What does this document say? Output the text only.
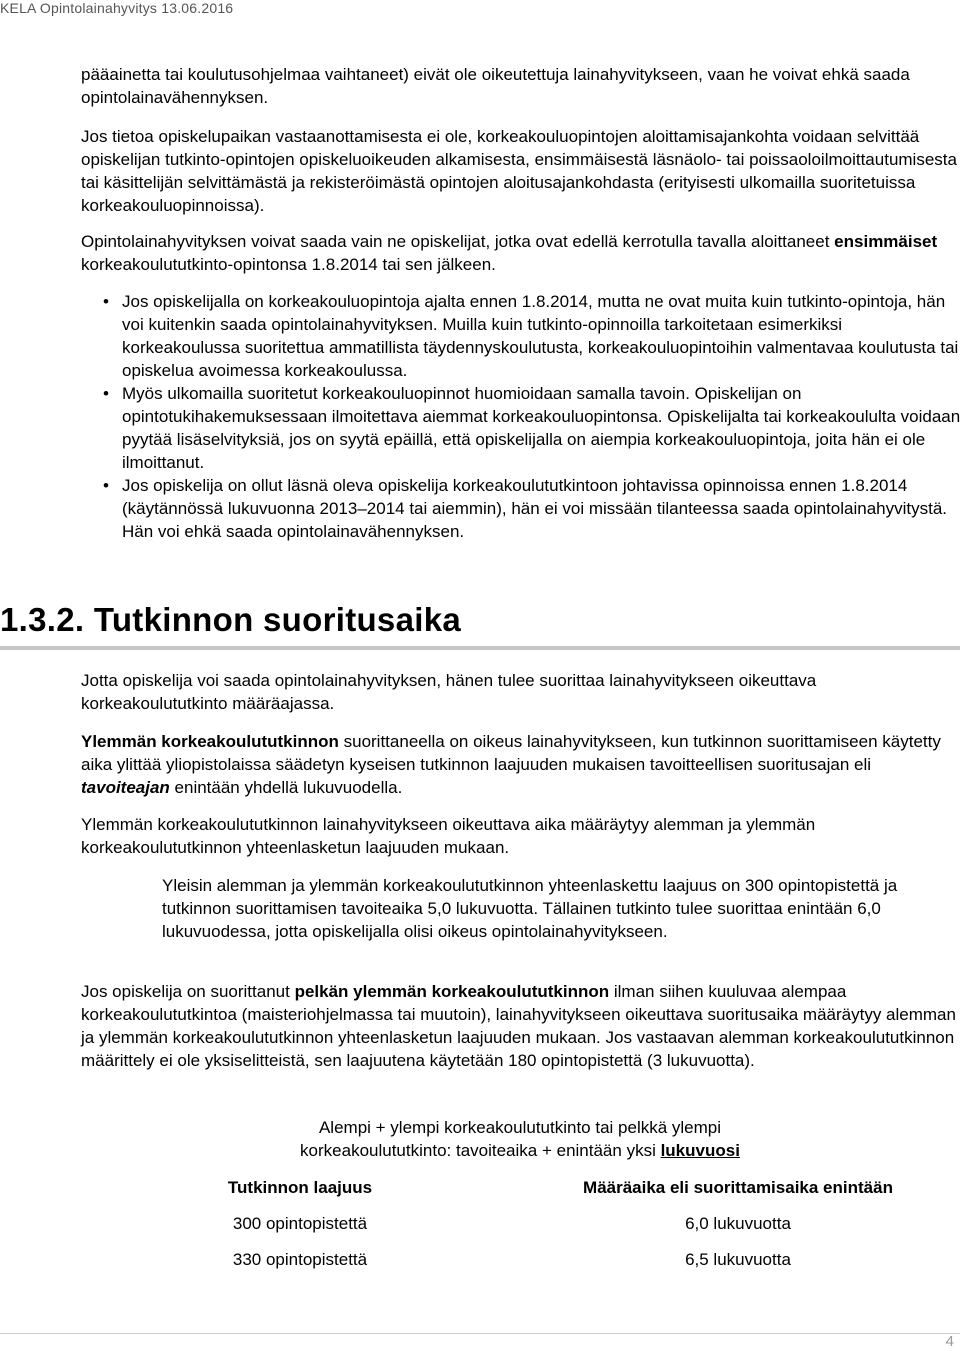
KELA Opintolainahyvitys 13.06.2016

pääainetta tai koulutusohjelmaa vaihtaneet) eivät ole oikeutettuja lainahyvitykseen, vaan he voivat ehkä saada opintolainavähennyksen.

Jos tietoa opiskelupaikan vastaanottamisesta ei ole, korkeakouluopintojen aloittamisajankohta voidaan selvittää opiskelijan tutkinto-opintojen opiskeluoikeuden alkamisesta, ensimmäisestä läsnäolo- tai poissaoloilmoittautumisesta tai käsittelijän selvittämästä ja rekisteröimästä opintojen aloitusajankohdasta (erityisesti ulkomailla suoritetuissa korkeakouluopinnoissa).

Opintolainahyvityksen voivat saada vain ne opiskelijat, jotka ovat edellä kerrotulla tavalla aloittaneet ensimmäiset korkeakoulututkinto-opintonsa 1.8.2014 tai sen jälkeen.

• Jos opiskelijalla on korkeakouluopintoja ajalta ennen 1.8.2014, mutta ne ovat muita kuin tutkinto-opintoja, hän voi kuitenkin saada opintolainahyvityksen. Muilla kuin tutkinto-opinnoilla tarkoitetaan esimerkiksi korkeakoulussa suoritettua ammatillista täydennyskoulutusta, korkeakouluopintoihin valmentavaa koulutusta tai opiskelua avoimessa korkeakoulussa.
• Myös ulkomailla suoritetut korkeakouluopinnot huomioidaan samalla tavoin. Opiskelijan on opintotukihakemuksessaan ilmoitettava aiemmat korkeakouluopintonsa. Opiskelijalta tai korkeakoululta voidaan pyytää lisäselvityksiä, jos on syytä epäillä, että opiskelijalla on aiempia korkeakouluopintoja, joita hän ei ole ilmoittanut.
• Jos opiskelija on ollut läsnä oleva opiskelija korkeakoulututkintoon johtavissa opinnoissa ennen 1.8.2014 (käytännössä lukuvuonna 2013–2014 tai aiemmin), hän ei voi missään tilanteessa saada opintolainahyvitystä. Hän voi ehkä saada opintolainavähennyksen.
1.3.2. Tutkinnon suoritusaika

Jotta opiskelija voi saada opintolainahyvityksen, hänen tulee suorittaa lainahyvitykseen oikeuttava korkeakoulututkinto määräajassa.

Ylemmän korkeakoulututkinnon suorittaneella on oikeus lainahyvitykseen, kun tutkinnon suorittamiseen käytetty aika ylittää yliopistolaissa säädetyn kyseisen tutkinnon laajuuden mukaisen tavoitteellisen suoritusajan eli tavoiteajan enintään yhdellä lukuvuodella.

Ylemmän korkeakoulututkinnon lainahyvitykseen oikeuttava aika määräytyy alemman ja ylemmän korkeakoulututkinnon yhteenlasketun laajuuden mukaan.

Yleisin alemman ja ylemmän korkeakoulututkinnon yhteenlaskettu laajuus on 300 opintopistettä ja tutkinnon suorittamisen tavoiteaika 5,0 lukuvuotta. Tällainen tutkinto tulee suorittaa enintään 6,0 lukuvuodessa, jotta opiskelijalla olisi oikeus opintolainahyvitykseen.

Jos opiskelija on suorittanut pelkän ylemmän korkeakoulututkinnon ilman siihen kuuluvaa alempaa korkeakoulututkintoa (maisteriohjelmassa tai muutoin), lainahyvitykseen oikeuttava suoritusaika määräytyy alemman ja ylemmän korkeakoulututkinnon yhteenlasketun laajuuden mukaan. Jos vastaavan alemman korkeakoulututkinnon määrittely ei ole yksiselitteistä, sen laajuutena käytetään 180 opintopistettä (3 lukuvuotta).

Alempi + ylempi korkeakoulututkinto tai pelkkä ylempi

korkeakoulututkinto: tavoiteaika + enintään yksi lukuvuosi

Tutkinnon laajuus	Määräaika eli suorittamisaika enintään
300 opintopistettä	6,0 lukuvuotta
330 opintopistettä	6,5 lukuvuotta
4
